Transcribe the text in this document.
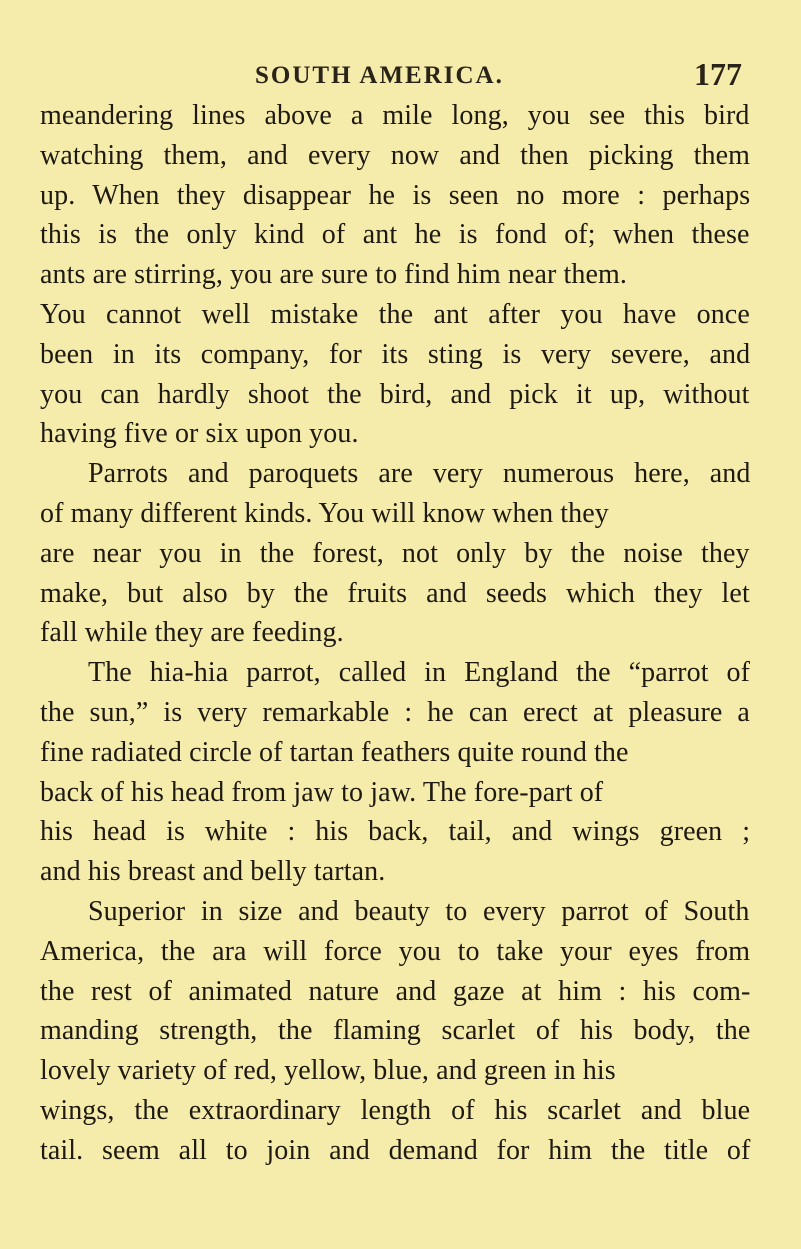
SOUTH AMERICA.	177
meandering lines above a mile long, you see this bird
watching them, and every now and then picking them
up. When they disappear he is seen no more : perhaps
this is the only kind of ant he is fond of; when these
ants are stirring, you are sure to find him near them.
You cannot well mistake the ant after you have once
been in its company, for its sting is very severe, and
you can hardly shoot the bird, and pick it up, without
having five or six upon you.
Parrots and paroquets are very numerous here, and
of many different kinds. You will know when they
are near you in the forest, not only by the noise they
make, but also by the fruits and seeds which they let
fall while they are feeding.
The hia-hia parrot, called in England the “parrot of
the sun,” is very remarkable : he can erect at pleasure a
fine radiated circle of tartan feathers quite round the
back of his head from jaw to jaw. The fore-part of
his head is white : his back, tail, and wings green ;
and his breast and belly tartan.
Superior in size and beauty to every parrot of South
America, the ara will force you to take your eyes from
the rest of animated nature and gaze at him : his com-
manding strength, the flaming scarlet of his body, the
lovely variety of red, yellow, blue, and green in his
wings, the extraordinary length of his scarlet and blue
tail. seem all to join and demand for him the title of
